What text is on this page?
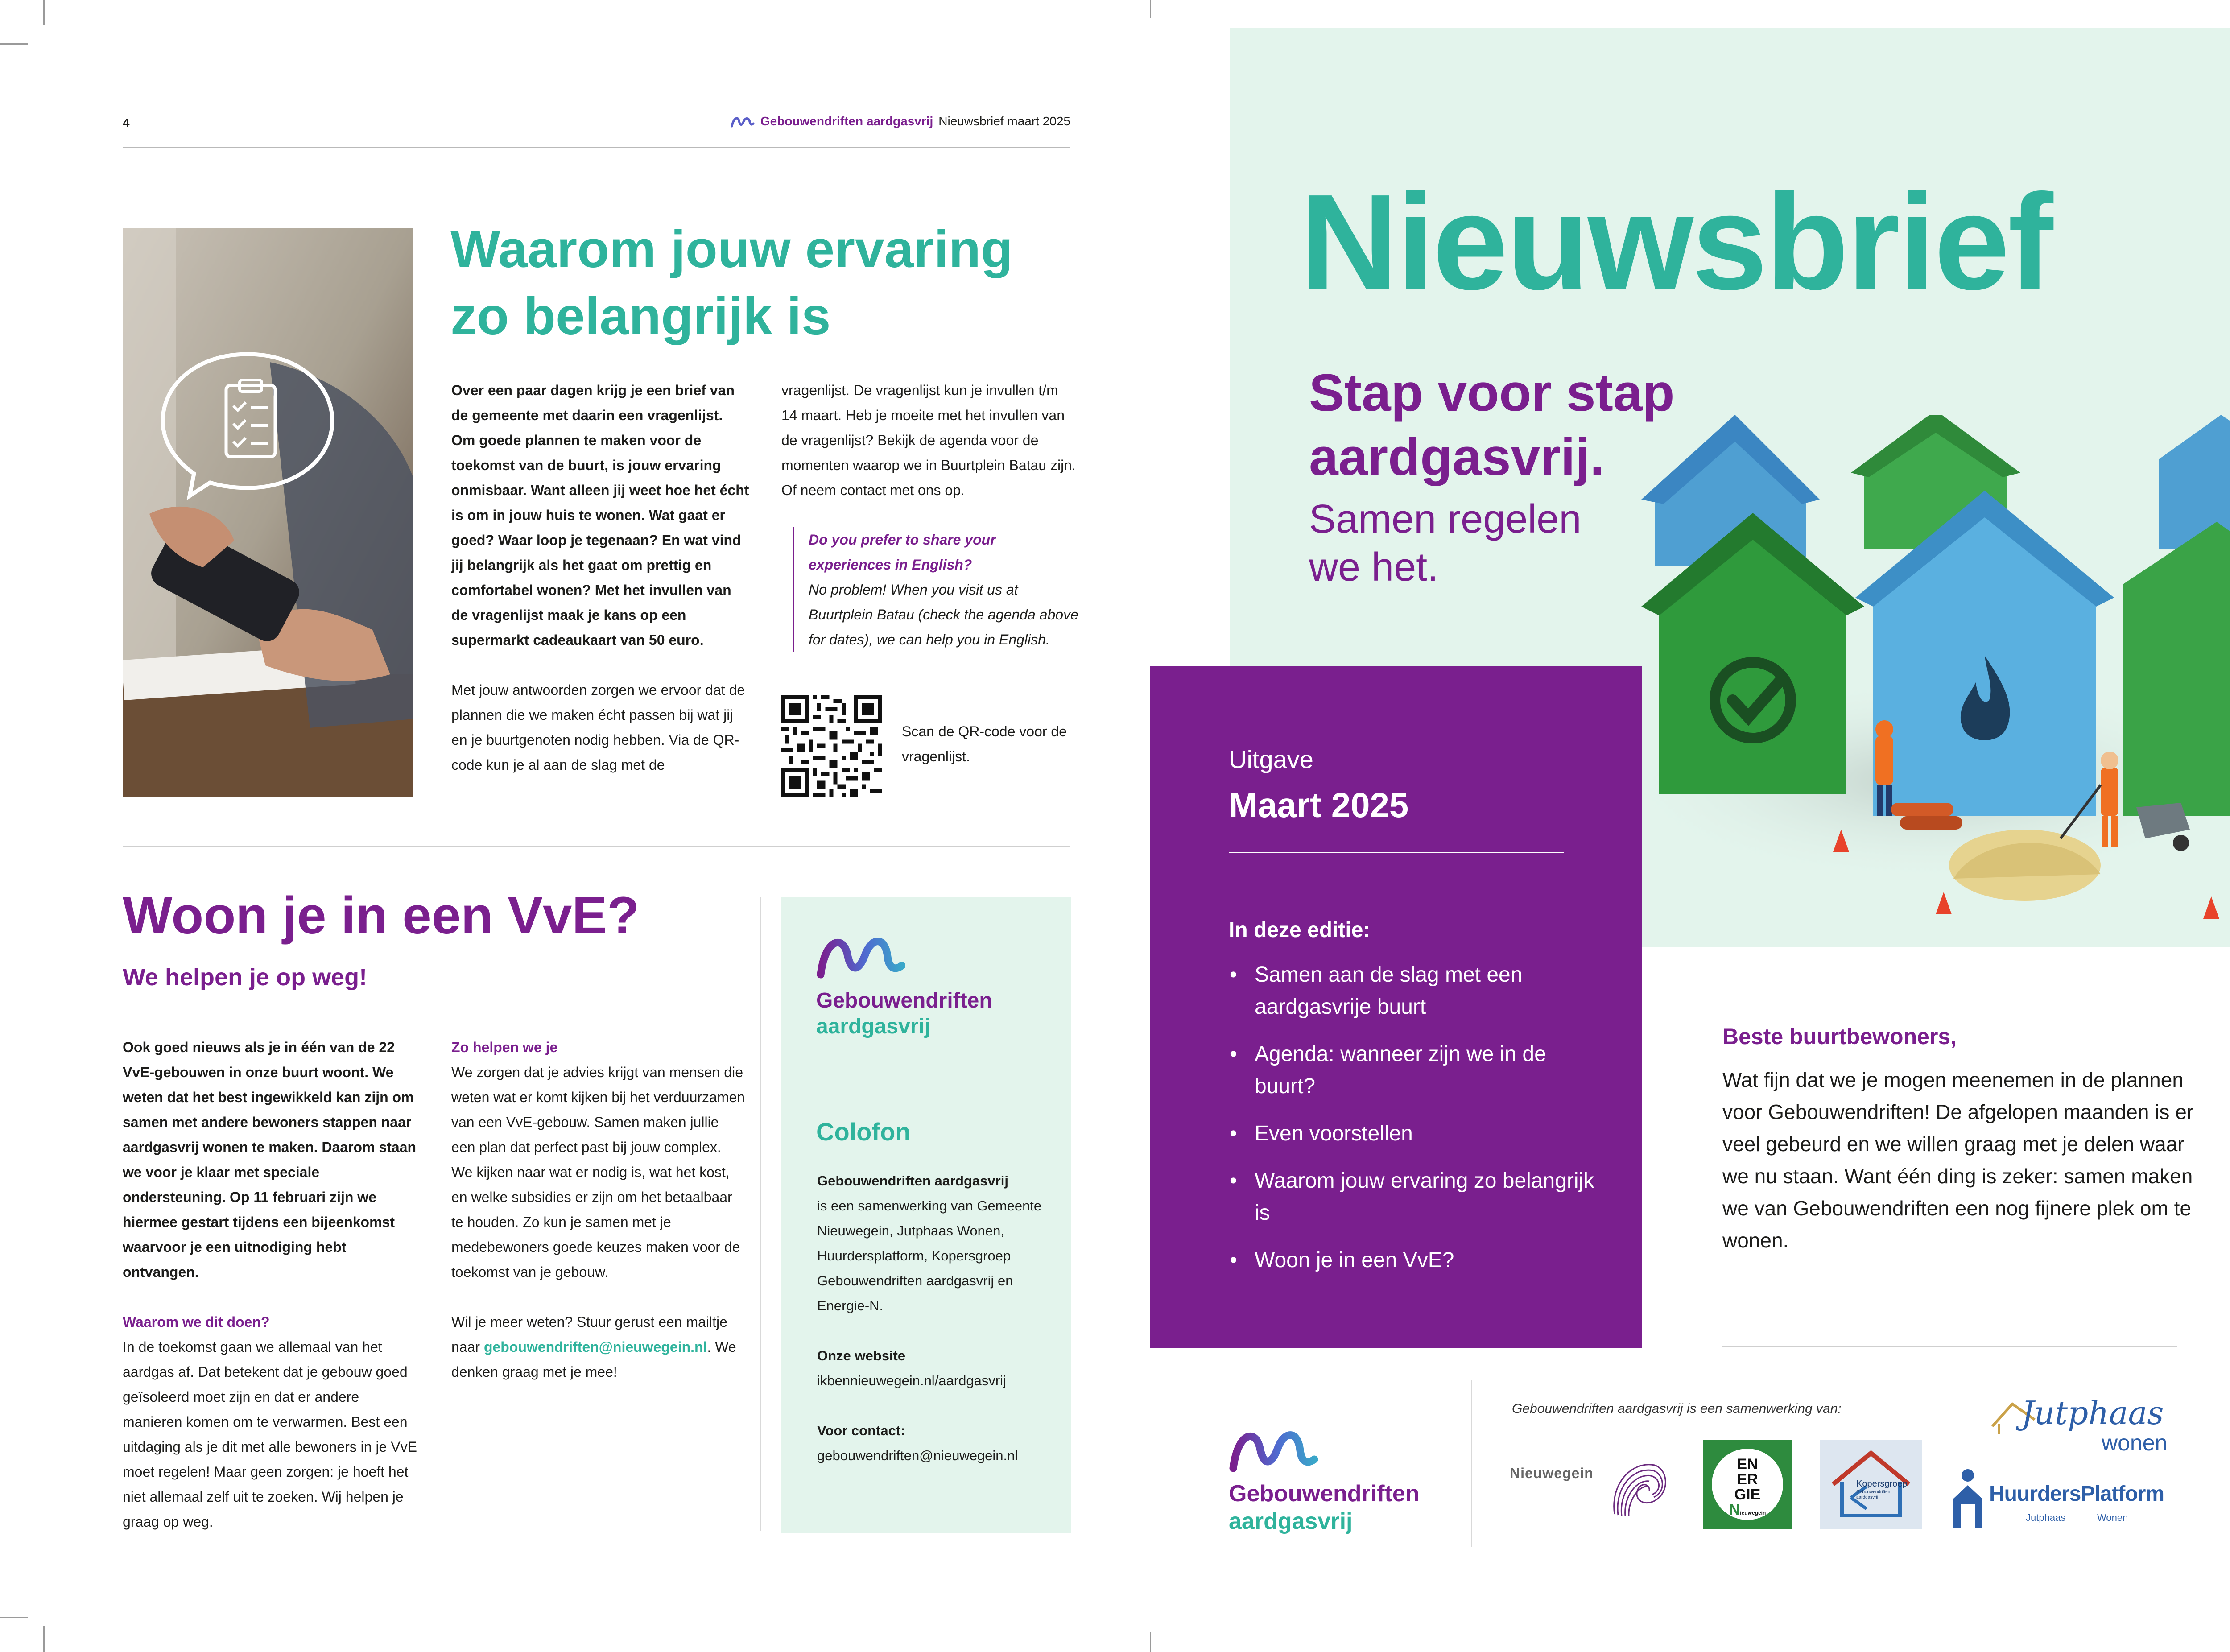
4	Gebouwendriften aardgasvrij Nieuwsbrief maart 2025
Waarom jouw ervaring
zo belangrijk is

Over een paar dagen krijg je een brief van de gemeente met daarin een vragenlijst. Om goede plannen te maken voor de toekomst van de buurt, is jouw ervaring onmisbaar. Want alleen jij weet hoe het écht is om in jouw huis te wonen. Wat gaat er goed? Waar loop je tegenaan? En wat vind jij belangrijk als het gaat om prettig en comfortabel wonen? Met het invullen van de vragenlijst maak je kans op een supermarkt cadeaukaart van 50 euro.

Met jouw antwoorden zorgen we ervoor dat de plannen die we maken écht passen bij wat jij en je buurtgenoten nodig hebben. Via de QR-code kun je al aan de slag met de

vragenlijst. De vragenlijst kun je invullen t/m 14 maart. Heb je moeite met het invullen van de vragenlijst? Bekijk de agenda voor de momenten waarop we in Buurtplein Batau zijn. Of neem contact met ons op.

Do you prefer to share your experiences in English?

No problem! When you visit us at Buurtplein Batau (check the agenda above for dates), we can help you in English.

Scan de QR-code voor de vragenlijst.
Woon je in een VvE?
We helpen je op weg!

Ook goed nieuws als je in één van de 22 VvE-gebouwen in onze buurt woont. We weten dat het best ingewikkeld kan zijn om samen met andere bewoners stappen naar aardgasvrij wonen te maken. Daarom staan we voor je klaar met speciale ondersteuning. Op 11 februari zijn we hiermee gestart tijdens een bijeenkomst waarvoor je een uitnodiging hebt ontvangen.

Waarom we dit doen?

In de toekomst gaan we allemaal van het aardgas af. Dat betekent dat je gebouw goed geïsoleerd moet zijn en dat er andere manieren komen om te verwarmen. Best een uitdaging als je dit met alle bewoners in je VvE moet regelen! Maar geen zorgen: je hoeft het niet allemaal zelf uit te zoeken. Wij helpen je graag op weg.

Zo helpen we je

We zorgen dat je advies krijgt van mensen die weten wat er komt kijken bij het verduurzamen van een VvE-gebouw. Samen maken jullie een plan dat perfect past bij jouw complex. We kijken naar wat er nodig is, wat het kost, en welke subsidies er zijn om het betaalbaar te houden. Zo kun je samen met je medebewoners goede keuzes maken voor de toekomst van je gebouw.

Wil je meer weten? Stuur gerust een mailtje naar gebouwendriften@nieuwegein.nl. We denken graag met je mee!

Gebouwendriften
aardgasvrij
Colofon

Gebouwendriften aardgasvrij

is een samenwerking van Gemeente Nieuwegein, Jutphaas Wonen, Huurdersplatform, Kopersgroep Gebouwendriften aardgasvrij en Energie-N.

Onze website

ikbennieuwegein.nl/aardgasvrij

Voor contact:

gebouwendriften@nieuwegein.nl

Nieuwsbrief
Stap voor stap
aardgasvrij.
Samen regelen
we het.
Uitgave
Maart 2025
In deze editie:
• Samen aan de slag met een aardgasvrije buurt
• Agenda: wanneer zijn we in de buurt?
• Even voorstellen
• Waarom jouw ervaring zo belangrijk is
• Woon je in een VvE?
Beste buurtbewoners,
Wat fijn dat we je mogen meenemen in de plannen voor Gebouwendriften! De afgelopen maanden is er veel gebeurd en we willen graag met je delen waar we nu staan. Want één ding is zeker: samen maken we van Gebouwendriften een nog fijnere plek om te wonen.
Gebouwendriften
aardgasvrij
Gebouwendriften aardgasvrij is een samenwerking van:
Nieuwegein
EN
ER
GIE
Nieuwegein
Kopersgroep
Gebouwendriften aardgasvrij
Jutphaas
wonen
HuurdersPlatform
Jutphaas	Wonen
